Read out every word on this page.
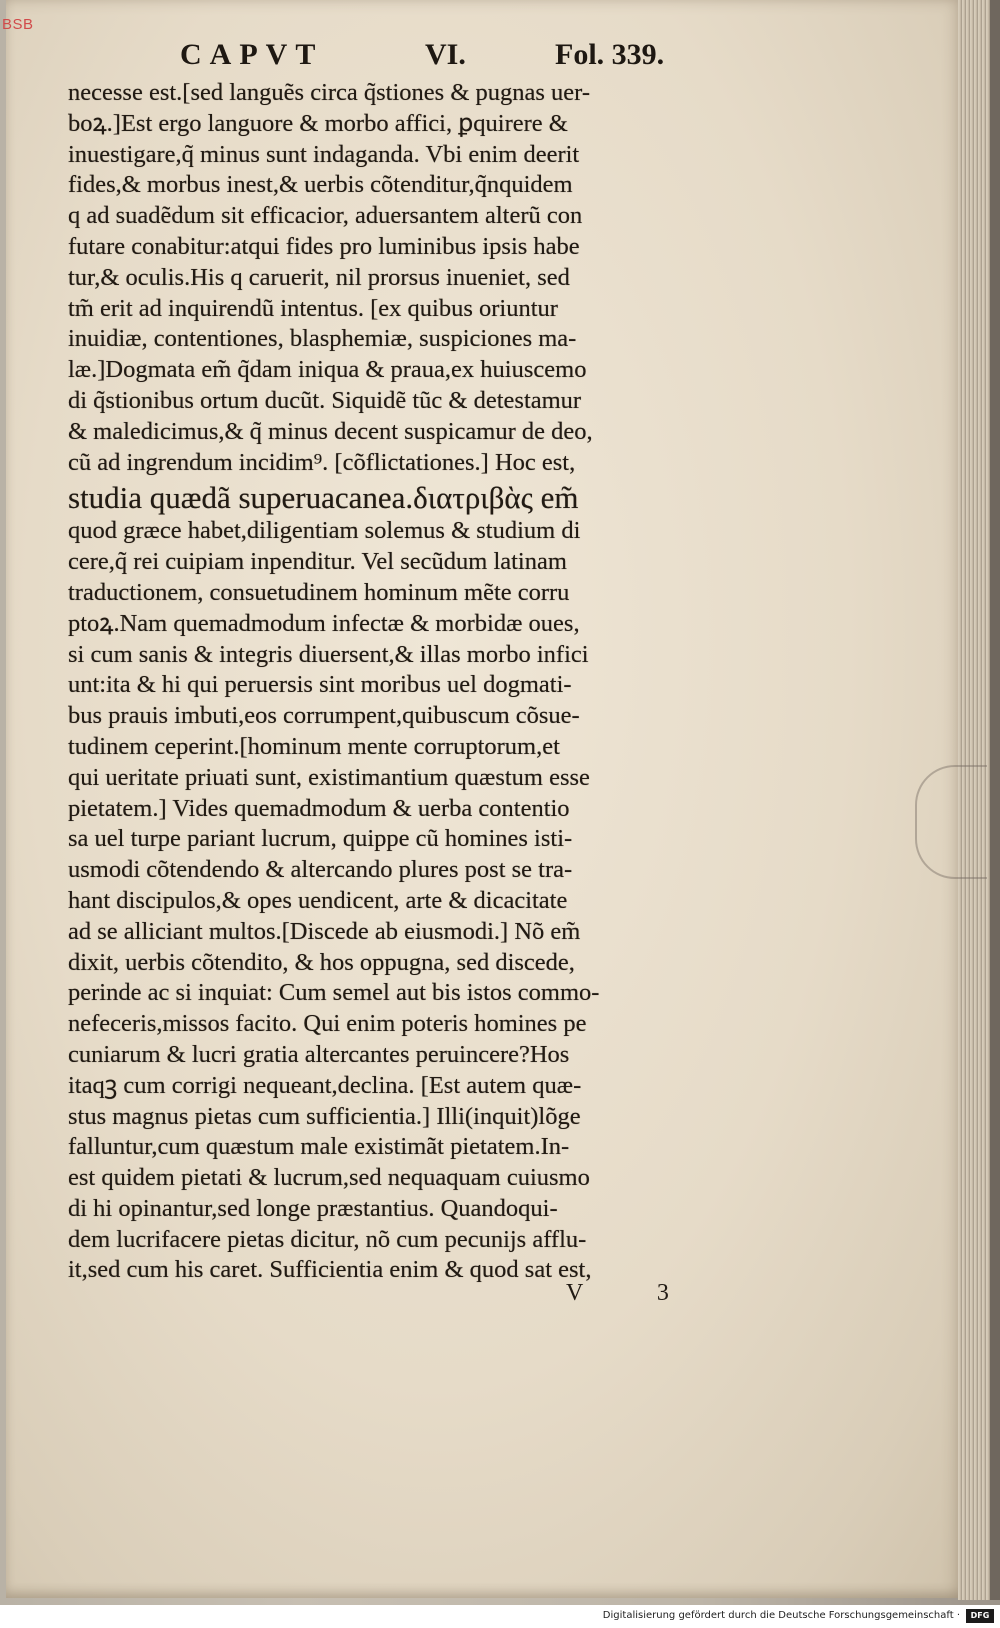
BSB
CAPVT	VI.	Fol. 339.
necesse est.[sed languẽs circa q̃stiones & pugnas uer-
boꝝ.]Est ergo languore & morbo affici, ꝑquirere &
inuestigare,q̃ minus sunt indaganda. Vbi enim deerit
fides,& morbus inest,& uerbis cõtenditur,q̃nquidem
q ad suadẽdum sit efficacior, aduersantem alterũ con
futare conabitur:atqui fides pro luminibus ipsis habe
tur,& oculis.His q caruerit, nil prorsus inueniet, sed
tm̃ erit ad inquirendũ intentus. [ex quibus oriuntur
inuidiæ, contentiones, blasphemiæ, suspiciones ma-
læ.]Dogmata em̃ q̃dam iniqua & praua,ex huiuscemo
di q̃stionibus ortum ducũt. Siquidẽ tũc & detestamur
& maledicimus,& q̃ minus decent suspicamur de deo,
cũ ad ingrendum incidim⁹. [cõflictationes.] Hoc est,
studia quædã superuacanea.διατριβὰς em̃
quod græce habet,diligentiam solemus & studium di
cere,q̃ rei cuipiam inpenditur. Vel secũdum latinam
traductionem, consuetudinem hominum mẽte corru
ptoꝝ.Nam quemadmodum infectæ & morbidæ oues,
si cum sanis & integris diuersent,& illas morbo infici
unt:ita & hi qui peruersis sint moribus uel dogmati-
bus prauis imbuti,eos corrumpent,quibuscum cõsue-
tudinem ceperint.[hominum mente corruptorum,et
qui ueritate priuati sunt, existimantium quæstum esse
pietatem.] Vides quemadmodum & uerba contentio
sa uel turpe pariant lucrum, quippe cũ homines isti-
usmodi cõtendendo & altercando plures post se tra-
hant discipulos,& opes uendicent, arte & dicacitate
ad se alliciant multos.[Discede ab eiusmodi.] Nõ em̃
dixit, uerbis cõtendito, & hos oppugna, sed discede,
perinde ac si inquiat: Cum semel aut bis istos commo-
nefeceris,missos facito. Qui enim poteris homines pe
cuniarum & lucri gratia altercantes peruincere?Hos
itaqꝫ cum corrigi nequeant,declina. [Est autem quæ-
stus magnus pietas cum sufficientia.] Illi(inquit)lõge
falluntur,cum quæstum male existimãt pietatem.In-
est quidem pietati & lucrum,sed nequaquam cuiusmo
di hi opinantur,sed longe præstantius. Quandoqui-
dem lucrifacere pietas dicitur, nõ cum pecunijs afflu-
it,sed cum his caret. Sufficientia enim & quod sat est,
V 3
Digitalisierung gefördert durch die Deutsche Forschungsgemeinschaft ·	DFG
